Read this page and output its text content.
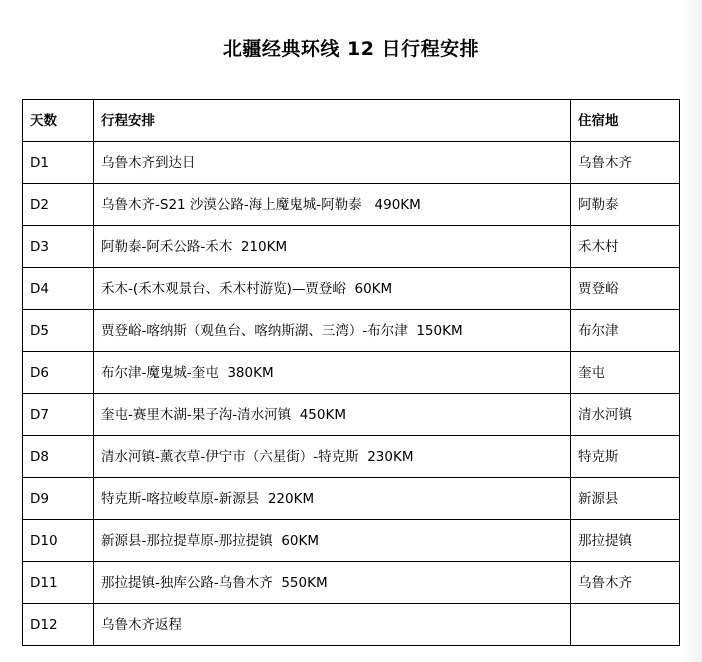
北疆经典环线 12 日行程安排
天数	行程安排	住宿地
D1	乌鲁木齐到达日	乌鲁木齐
D2	乌鲁木齐-S21 沙漠公路-海上魔鬼城-阿勒泰   490KM	阿勒泰
D3	阿勒泰-阿禾公路-禾木  210KM	禾木村
D4	禾木-(禾木观景台、禾木村游览)—贾登峪  60KM	贾登峪
D5	贾登峪-喀纳斯（观鱼台、喀纳斯湖、三湾）-布尔津  150KM	布尔津
D6	布尔津-魔鬼城-奎屯  380KM	奎屯
D7	奎屯-赛里木湖-果子沟-清水河镇  450KM	清水河镇
D8	清水河镇-薰衣草-伊宁市（六星街）-特克斯  230KM	特克斯
D9	特克斯-喀拉峻草原-新源县  220KM	新源县
D10	新源县-那拉提草原-那拉提镇  60KM	那拉提镇
D11	那拉提镇-独库公路-乌鲁木齐  550KM	乌鲁木齐
D12	乌鲁木齐返程	
